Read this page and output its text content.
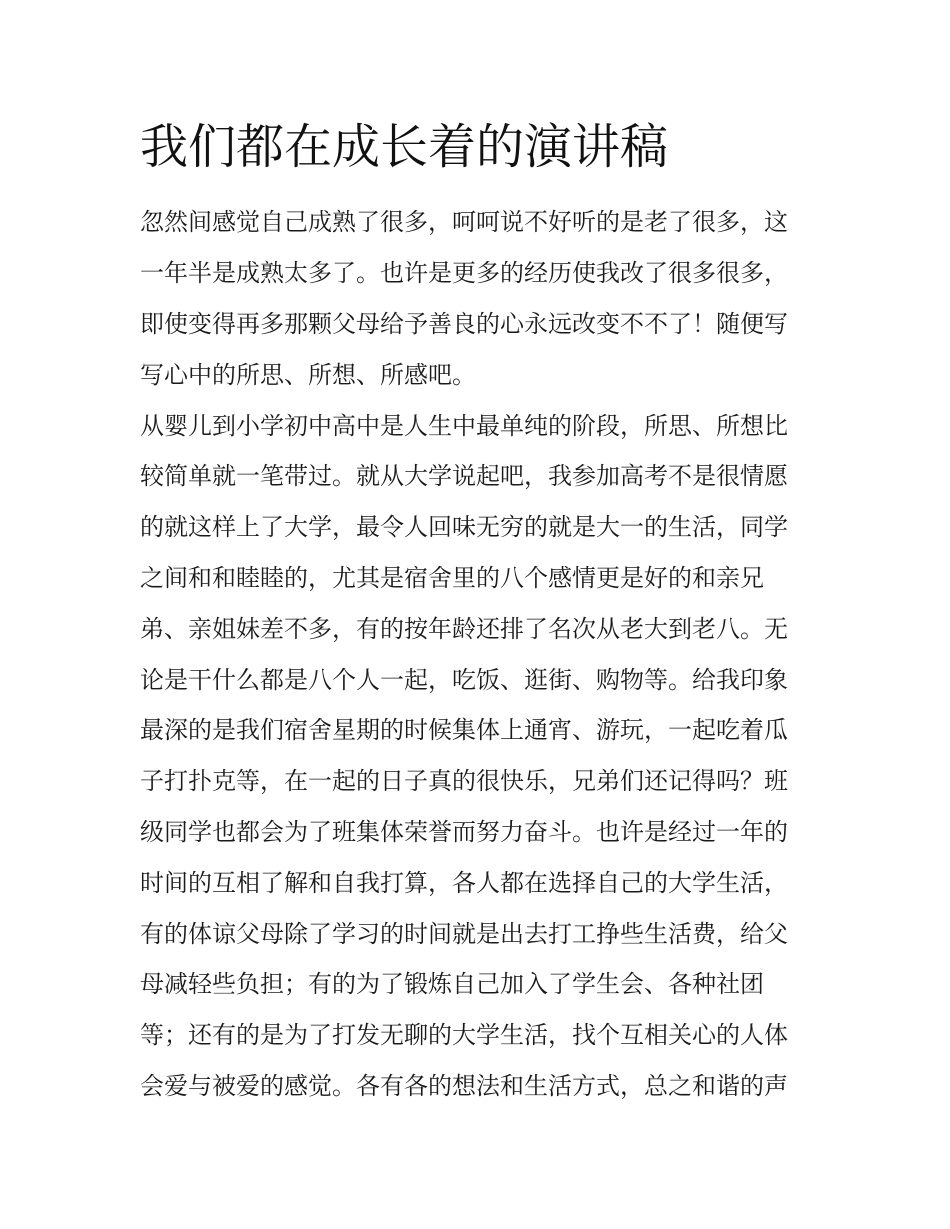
我们都在成长着的演讲稿

忽然间感觉自己成熟了很多，呵呵说不好听的是老了很多，这

一年半是成熟太多了。也许是更多的经历使我改了很多很多，

即使变得再多那颗父母给予善良的心永远改变不不了！随便写

写心中的所思、所想、所感吧。

从婴儿到小学初中高中是人生中最单纯的阶段，所思、所想比

较简单就一笔带过。就从大学说起吧，我参加高考不是很情愿

的就这样上了大学，最令人回味无穷的就是大一的生活，同学

之间和和睦睦的，尤其是宿舍里的八个感情更是好的和亲兄

弟、亲姐妹差不多，有的按年龄还排了名次从老大到老八。无

论是干什么都是八个人一起，吃饭、逛街、购物等。给我印象

最深的是我们宿舍星期的时候集体上通宵、游玩，一起吃着瓜

子打扑克等，在一起的日子真的很快乐，兄弟们还记得吗？班

级同学也都会为了班集体荣誉而努力奋斗。也许是经过一年的

时间的互相了解和自我打算，各人都在选择自己的大学生活，

有的体谅父母除了学习的时间就是出去打工挣些生活费，给父

母减轻些负担；有的为了锻炼自己加入了学生会、各种社团

等；还有的是为了打发无聊的大学生活，找个互相关心的人体

会爱与被爱的感觉。各有各的想法和生活方式，总之和谐的声
